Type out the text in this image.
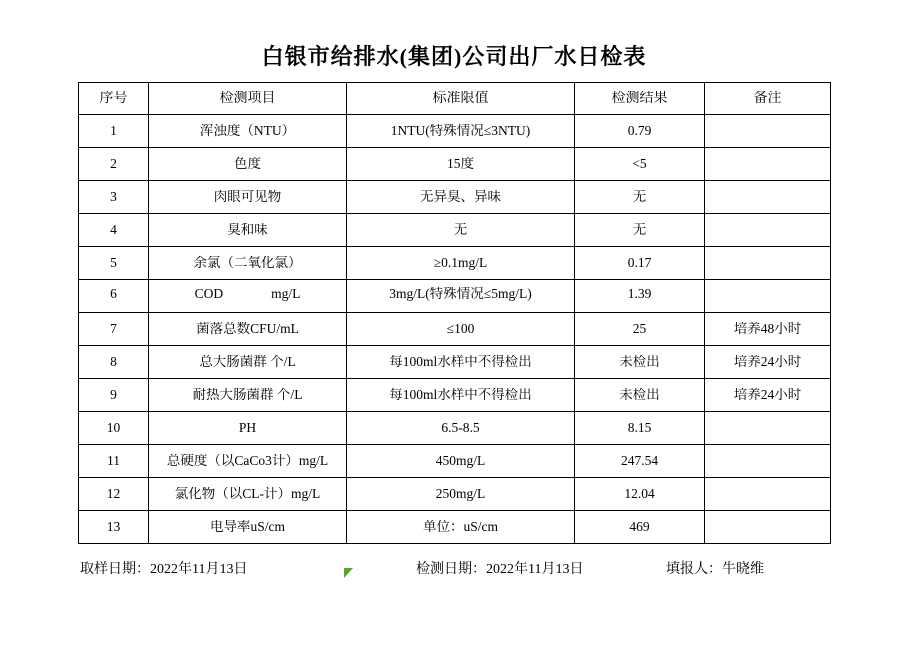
白银市给排水(集团)公司出厂水日检表
序号	检测项目	标准限值	检测结果	备注

1	浑浊度（NTU）	1NTU(特殊情况≤3NTU)	0.79	

2	色度	15度	<5	

3	肉眼可见物	无异臭、异味	无	

4	臭和味	无	无	

5	余氯（二氧化氯）	≥0.1mg/L	0.17	

6	COD mg/L	3mg/L(特殊情况≤5mg/L)	1.39	

7	菌落总数CFU/mL	≤100	25	培养48小时

8	总大肠菌群 个/L	每100ml水样中不得检出	未检出	培养24小时

9	耐热大肠菌群 个/L	每100ml水样中不得检出	未检出	培养24小时

10	PH	6.5-8.5	8.15	

11	总硬度（以CaCo3计）mg/L	450mg/L	247.54	

12	氯化物（以CL-计）mg/L	250mg/L	12.04	

13	电导率uS/cm	单位：uS/cm	469	

取样日期：2022年11月13日	检测日期：2022年11月13日	填报人：牛晓维
